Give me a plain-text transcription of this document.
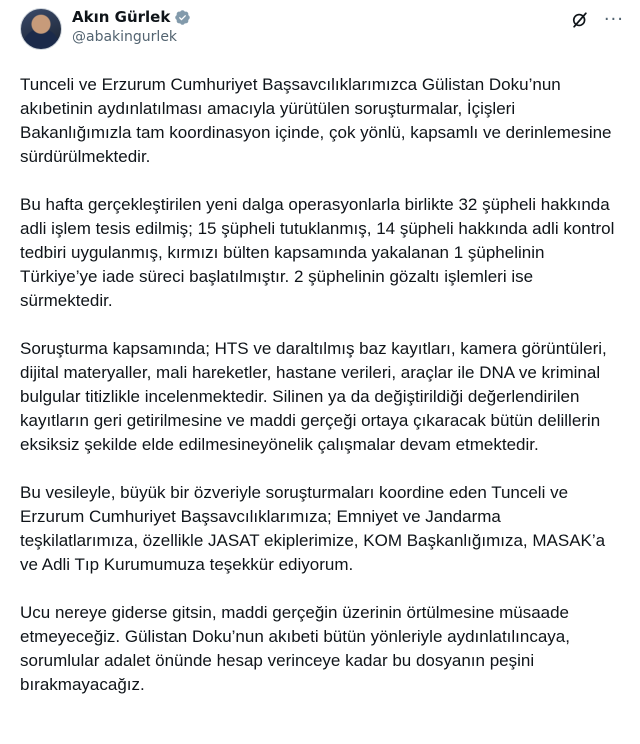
Akın Gürlek
@abakingurlek
···

Tunceli ve Erzurum Cumhuriyet Başsavcılıklarımızca Gülistan Doku’nun akıbetinin aydınlatılması amacıyla yürütülen soruşturmalar, İçişleri Bakanlığımızla tam koordinasyon içinde, çok yönlü, kapsamlı ve derinlemesine sürdürülmektedir.

Bu hafta gerçekleştirilen yeni dalga operasyonlarla birlikte 32 şüpheli hakkında adli işlem tesis edilmiş; 15 şüpheli tutuklanmış, 14 şüpheli hakkında adli kontrol tedbiri uygulanmış, kırmızı bülten kapsamında yakalanan 1 şüphelinin Türkiye’ye iade süreci başlatılmıştır. 2 şüphelinin gözaltı işlemleri ise sürmektedir.

Soruşturma kapsamında; HTS ve daraltılmış baz kayıtları, kamera görüntüleri, dijital materyaller, mali hareketler, hastane verileri, araçlar ile DNA ve kriminal bulgular titizlikle incelenmektedir. Silinen ya da değiştirildiği değerlendirilen kayıtların geri getirilmesine ve maddi gerçeği ortaya çıkaracak bütün delillerin eksiksiz şekilde elde edilmesineyönelik çalışmalar devam etmektedir.

Bu vesileyle, büyük bir özveriyle soruşturmaları koordine eden Tunceli ve Erzurum Cumhuriyet Başsavcılıklarımıza; Emniyet ve Jandarma teşkilatlarımıza, özellikle JASAT ekiplerimize, KOM Başkanlığımıza, MASAK’a ve Adli Tıp Kurumumuza teşekkür ediyorum.

Ucu nereye giderse gitsin, maddi gerçeğin üzerinin örtülmesine müsaade etmeyeceğiz. Gülistan Doku’nun akıbeti bütün yönleriyle aydınlatılıncaya, sorumlular adalet önünde hesap verinceye kadar bu dosyanın peşini bırakmayacağız.
